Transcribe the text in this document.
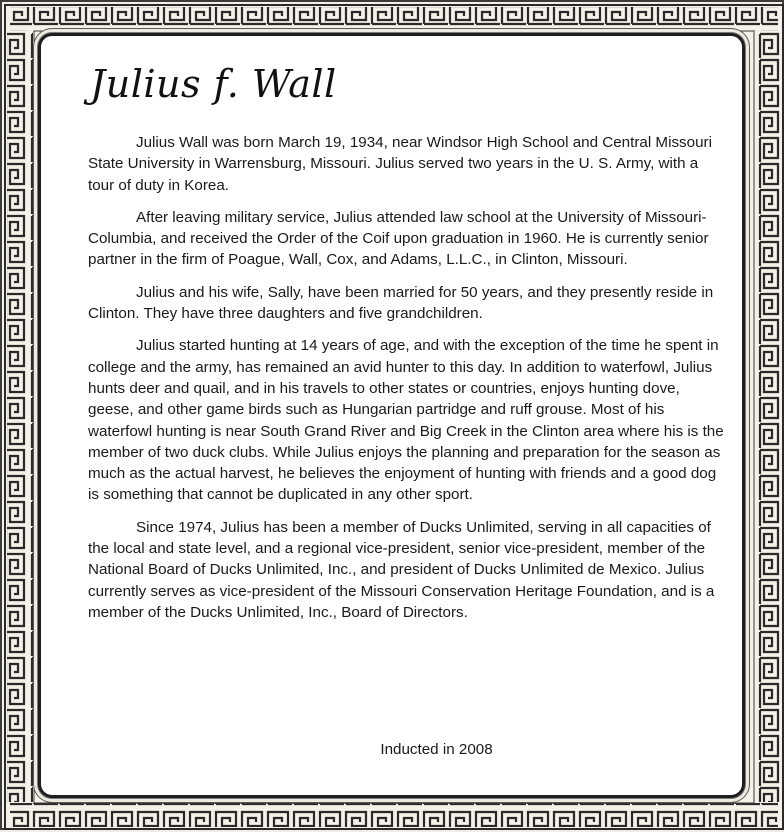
Julius f. Wall

Julius Wall was born March 19, 1934, near Windsor High School and Central Missouri State University in Warrensburg, Missouri. Julius served two years in the U. S. Army, with a tour of duty in Korea.

After leaving military service, Julius attended law school at the University of Missouri-Columbia, and received the Order of the Coif upon graduation in 1960. He is currently senior partner in the firm of Poague, Wall, Cox, and Adams, L.L.C., in Clinton, Missouri.

Julius and his wife, Sally, have been married for 50 years, and they presently reside in Clinton. They have three daughters and five grandchildren.

Julius started hunting at 14 years of age, and with the exception of the time he spent in college and the army, has remained an avid hunter to this day. In addition to waterfowl, Julius hunts deer and quail, and in his travels to other states or countries, enjoys hunting dove, geese, and other game birds such as Hungarian partridge and ruff grouse. Most of his waterfowl hunting is near South Grand River and Big Creek in the Clinton area where his is the member of two duck clubs. While Julius enjoys the planning and preparation for the season as much as the actual harvest, he believes the enjoyment of hunting with friends and a good dog is something that cannot be duplicated in any other sport.

Since 1974, Julius has been a member of Ducks Unlimited, serving in all capacities of the local and state level, and a regional vice-president, senior vice-president, member of the National Board of Ducks Unlimited, Inc., and president of Ducks Unlimited de Mexico. Julius currently serves as vice-president of the Missouri Conservation Heritage Foundation, and is a member of the Ducks Unlimited, Inc., Board of Directors.

Inducted in 2008
